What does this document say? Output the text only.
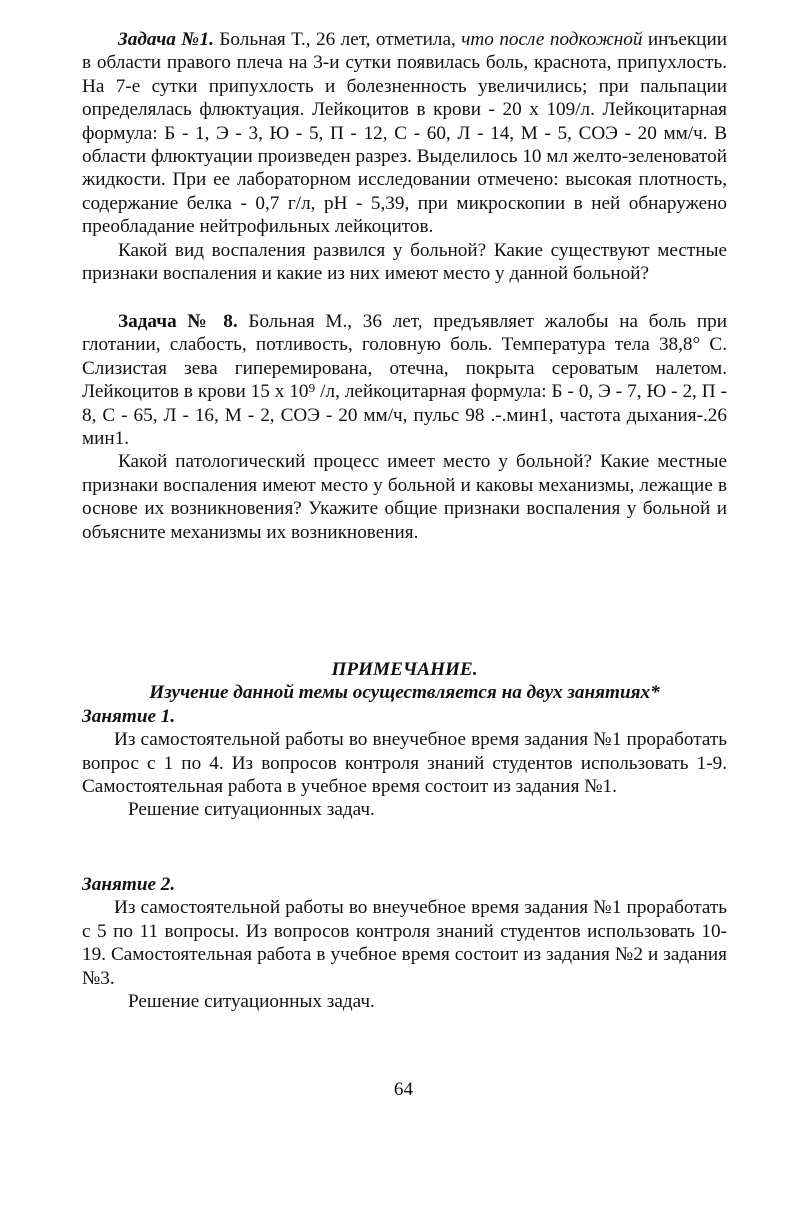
Задача №1. Больная Т., 26 лет, отметила, что после подкожной инъекции в области правого плеча на 3-и сутки появилась боль, краснота, припухлость. На 7-е сутки припухлость и болезненность увеличились; при пальпации определялась флюктуация. Лейкоцитов в крови - 20 х 109/л. Лейкоцитарная формула: Б - 1, Э - 3, Ю - 5, П - 12, С - 60, Л - 14, М - 5, СОЭ - 20 мм/ч. В области флюктуации произведен разрез. Выделилось 10 мл желто-зеленоватой жидкости. При ее лабораторном исследовании отмечено: высокая плотность, содержание белка - 0,7 г/л, рН - 5,39, при микроскопии в ней обнаружено преобладание нейтрофильных лейкоцитов.

Какой вид воспаления развился у больной? Какие существуют местные признаки воспаления и какие из них имеют место у данной больной?

Задача № 8. Больная М., 36 лет, предъявляет жалобы на боль при глотании, слабость, потливость, головную боль. Температура тела 38,8° С. Слизистая зева гиперемирована, отечна, покрыта сероватым налетом. Лейкоцитов в крови 15 х 10⁹ /л, лейкоцитарная формула: Б - 0, Э - 7, Ю - 2, П - 8, С - 65, Л - 16, М - 2, СОЭ - 20 мм/ч, пульс 98 .-.мин1, частота дыхания-.26 мин1.

Какой патологический процесс имеет место у больной? Какие местные признаки воспаления имеют место у больной и каковы механизмы, лежащие в основе их возникновения? Укажите общие признаки воспаления у больной и объясните механизмы их возникновения.

ПРИМЕЧАНИЕ.

Изучение данной темы осуществляется на двух занятиях*

Занятие 1.

Из самостоятельной работы во внеучебное время задания №1 проработать вопрос с 1 по 4. Из вопросов контроля знаний студентов использовать 1-9. Самостоятельная работа в учебное время состоит из задания №1.

Решение ситуационных задач.

Занятие 2.

Из самостоятельной работы во внеучебное время задания №1 проработать с 5 по 11 вопросы. Из вопросов контроля знаний студентов использовать 10-19. Самостоятельная работа в учебное время состоит из задания №2 и задания №3.

Решение ситуационных задач.

64
